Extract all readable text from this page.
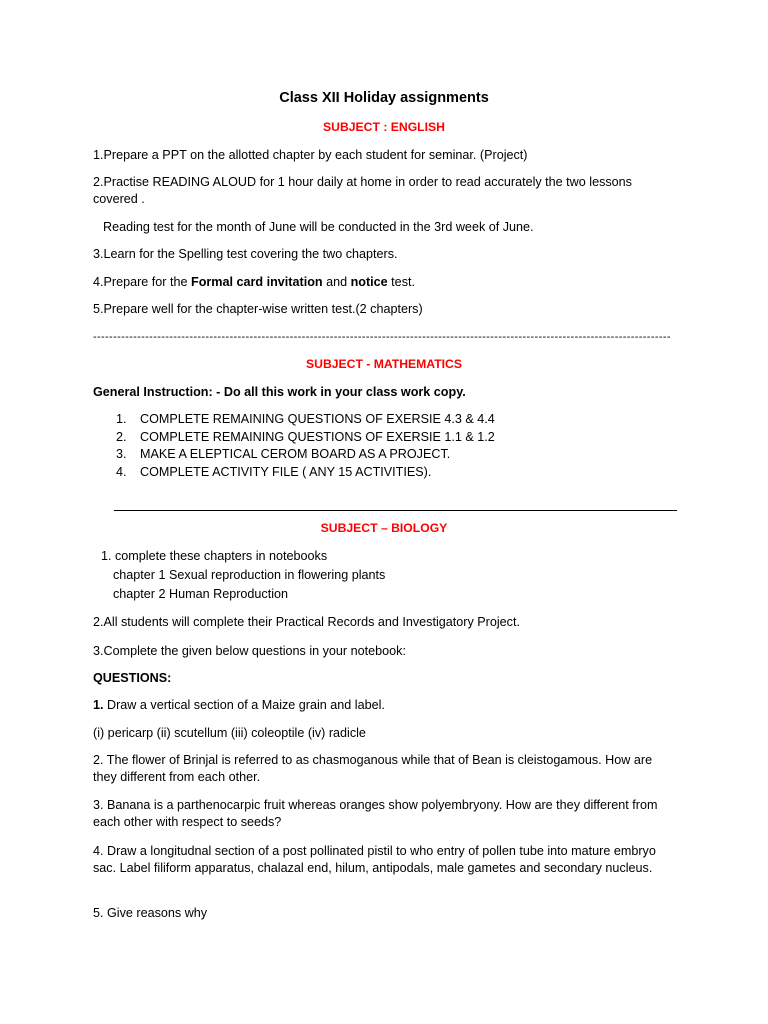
Class XII Holiday assignments
SUBJECT : ENGLISH
1.Prepare a PPT on the allotted chapter by each student for seminar. (Project)
2.Practise READING ALOUD for 1 hour daily at home in order to read accurately the two lessons covered .
Reading test for the month of June will be conducted in the 3rd week of June.
3.Learn for the Spelling test covering the two chapters.
4.Prepare for the Formal card invitation and notice test.
5.Prepare well for the chapter-wise written test.(2 chapters)
------------------------------------------------------------------------------------------------------------------------------------------------
SUBJECT - MATHEMATICS
General Instruction: - Do all this work in your class work copy.
1. COMPLETE REMAINING QUESTIONS OF EXERSIE 4.3 & 4.4
2. COMPLETE REMAINING QUESTIONS OF EXERSIE 1.1 & 1.2
3. MAKE A ELEPTICAL CEROM BOARD AS A PROJECT.
4. COMPLETE ACTIVITY FILE ( ANY 15 ACTIVITIES).
SUBJECT – BIOLOGY
1. complete these chapters in notebooks
chapter 1 Sexual reproduction in flowering plants
chapter 2 Human Reproduction
2.All students will complete their Practical Records and Investigatory Project.
3.Complete the given below questions in your notebook:
QUESTIONS:
1. Draw a vertical section of a Maize grain and label.
(i) pericarp (ii) scutellum (iii) coleoptile (iv) radicle
2. The flower of Brinjal is referred to as chasmoganous while that of Bean is cleistogamous. How are they different from each other.
3. Banana is a parthenocarpic fruit whereas oranges show polyembryony. How are they different from each other with respect to seeds?
4. Draw a longitudnal section of a post pollinated pistil to who entry of pollen tube into mature embryo sac. Label filiform apparatus, chalazal end, hilum, antipodals, male gametes and secondary nucleus.
5. Give reasons why
